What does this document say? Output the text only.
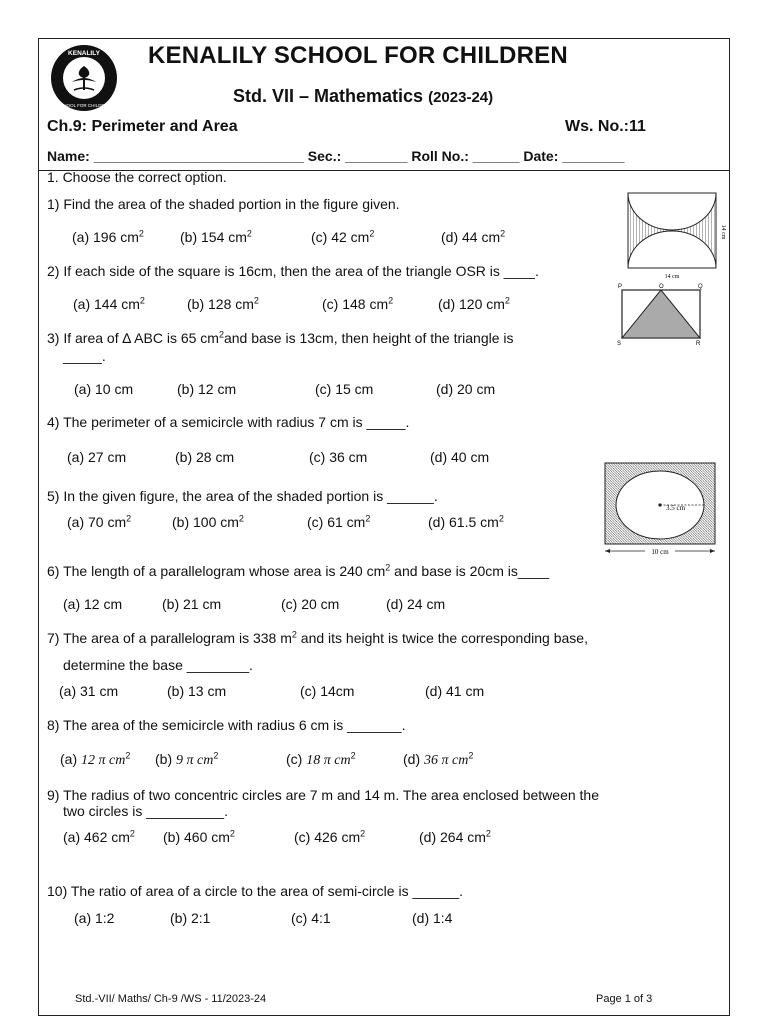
KENALILY
SCHOOL FOR CHILDREN
KENALILY SCHOOL FOR CHILDREN
Std. VII – Mathematics (2023-24)
Ch.9: Perimeter and Area	Ws. No.:11
Name: ___________________________ Sec.: ________ Roll No.: ______ Date: ________
1. Choose the correct option.
1) Find the area of the shaded portion in the figure given.
(a) 196 $cm^2$	(b) 154 $cm^2$	(c) 42 $cm^2$	(d) 44 $cm^2$
2) If each side of the square is 16cm, then the area of the triangle OSR is ____.
(a) 144 $cm^2$	(b) 128 $cm^2$	(c) 148 $cm^2$	(d) 120 $cm^2$
3) If area of ∆ ABC is 65 $cm^2and$ base is 13cm, then height of the triangle is
_____.
(a) 10 cm	(b) 12 cm	(c) 15 cm	(d) 20 cm
4) The perimeter of a semicircle with radius 7 cm is _____.
(a) 27 cm	(b) 28 cm	(c) 36 cm	(d) 40 cm
5) In the given figure, the area of the shaded portion is ______.
(a) 70 $cm^2$	(b) 100 $cm^2$	(c) 61 $cm^2$	(d) 61.5 $cm^2$
6) The length of a parallelogram whose area is 240 $cm^2$ and base is 20cm is____
(a) 12 cm	(b) 21 cm	(c) 20 cm	(d) 24 cm
7) The area of a parallelogram is 338 $m^2$ and its height is twice the corresponding base,
determine the base ________.
(a) 31 cm	(b) 13 cm	(c) 14cm	(d) 41 cm
8) The area of the semicircle with radius 6 cm is _______.
(a) 12 π $cm^2$ (b) 9 π $cm^2$	(c) 18 π $cm^2$	(d) 36 π $cm^2$
9) The radius of two concentric circles are 7 m and 14 m. The area enclosed between the
two circles is __________.
(a) 462 $cm^2$ (b) 460 $cm^2$	(c) 426 $cm^2$	(d) 264 $cm^2$
10) The ratio of area of a circle to the area of semi-circle is ______.
(a) 1:2	(b) 2:1	(c) 4:1	(d) 1:4
14 cm
14 cm
P	O	Q
S	R
3.5 cm
10 cm
Std.-VII/ Maths/ Ch-9 /WS - 11/2023-24	Page 1 of 3
